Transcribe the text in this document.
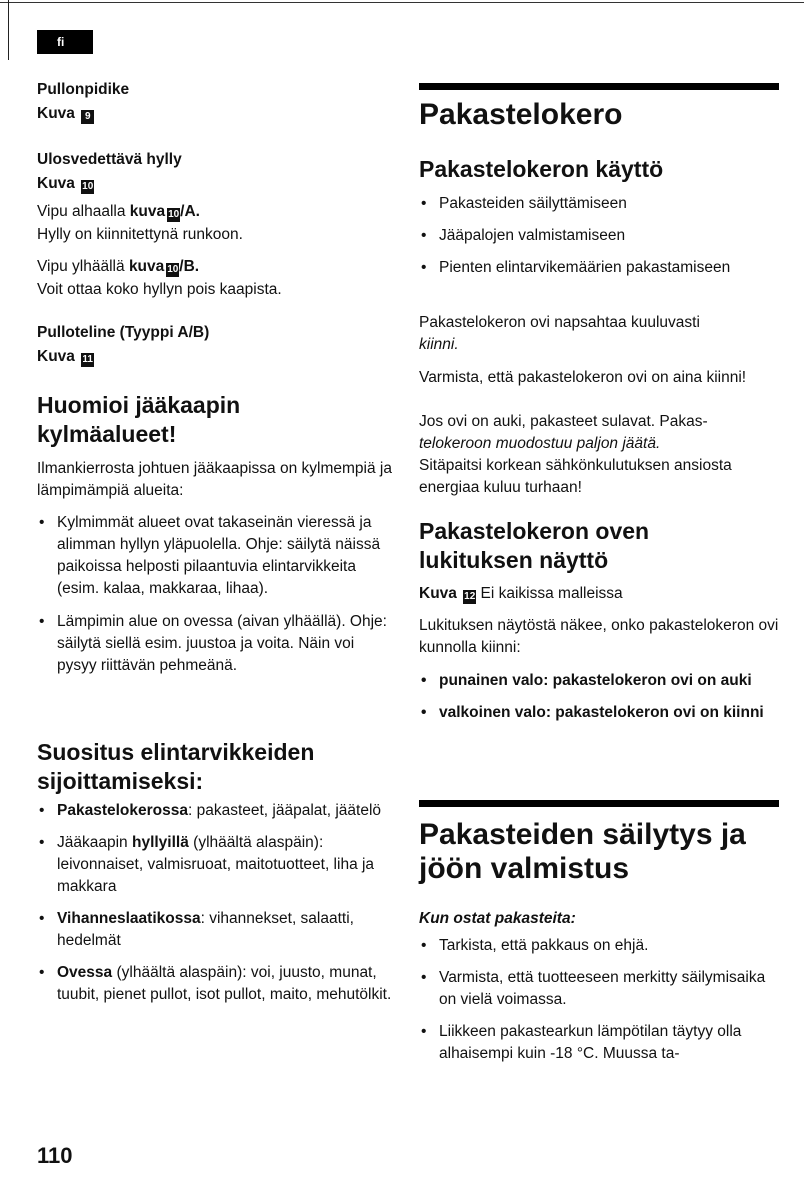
fi

Pullonpidike

Kuva 9

Ulosvedettävä hylly

Kuva 10

Vipu alhaalla kuva 10/A.

Hylly on kiinnitettynä runkoon.

Vipu ylhäällä kuva 10/B.

Voit ottaa koko hyllyn pois kaapista.

Pulloteline (Tyyppi A/B)

Kuva 11

Huomioi jääkaapin kylmäalueet!

Ilmankierrosta johtuen jääkaapissa on kylmempiä ja lämpimämpiä alueita:

• Kylmimmät alueet ovat takaseinän vieressä ja alimman hyllyn yläpuolella. Ohje: säilytä näissä paikoissa helposti pilaantuvia elintarvikkeita (esim. kalaa, makkaraa, lihaa).
• Lämpimin alue on ovessa (aivan ylhäällä). Ohje: säilytä siellä esim. juustoa ja voita. Näin voi pysyy riittävän pehmeänä.
Suositus elintarvikkeiden sijoittamiseksi:
• Pakastelokerossa: pakasteet, jääpalat, jäätelö
• Jääkaapin hyllyillä (ylhäältä alaspäin): leivonnaiset, valmisruoat, maitotuotteet, liha ja makkara
• Vihanneslaatikossa: vihannekset, salaatti, hedelmät
• Ovessa (ylhäältä alaspäin): voi, juusto, munat, tuubit, pienet pullot, isot pullot, maito, mehutölkit.
110
Pakastelokero
Pakastelokeron käyttö
• Pakasteiden säilyttämiseen
• Jääpalojen valmistamiseen
• Pienten elintarvikemäärien pakastamiseen

Pakastelokeron ovi napsahtaa kuuluvasti

kiinni.

Varmista, että pakastelokeron ovi on aina kiinni!

Jos ovi on auki, pakasteet sulavat. Pakas-
telokeroon muodostuu paljon jäätä.

Sitäpaitsi korkean sähkönkulutuksen ansiosta energiaa kuluu turhaan!

Pakastelokeron oven lukituksen näyttö

Kuva 12 Ei kaikissa malleissa

Lukituksen näytöstä näkee, onko pakastelokeron ovi kunnolla kiinni:

• punainen valo: pakastelokeron ovi on auki
• valkoinen valo: pakastelokeron ovi on kiinni
Pakasteiden säilytys ja jöön valmistus

Kun ostat pakasteita:

• Tarkista, että pakkaus on ehjä.
• Varmista, että tuotteeseen merkitty säilymisaika on vielä voimassa.
• Liikkeen pakastearkun lämpötilan täytyy olla alhaisempi kuin -18 °C. Muussa ta-
